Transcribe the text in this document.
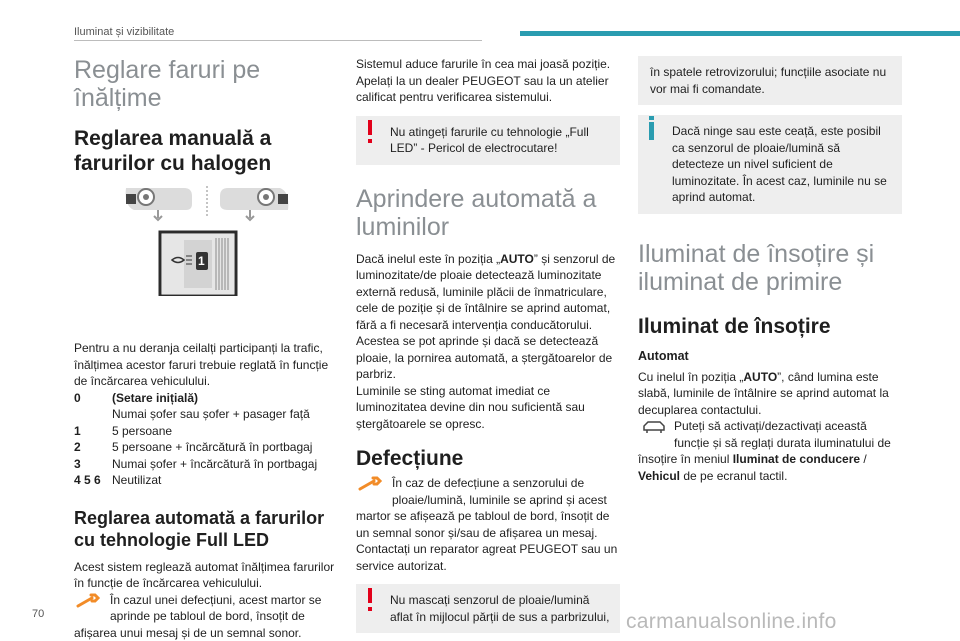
Iluminat și vizibilitate
Reglare faruri pe înălțime
Reglarea manuală a farurilor cu halogen
1

Pentru a nu deranja ceilalți participanți la trafic, înălțimea acestor faruri trebuie reglată în funcție de încărcarea vehiculului.

0	(Setare inițială)
Numai șofer sau șofer + pasager față
1	5 persoane
2	5 persoane + încărcătură în portbagaj
3	Numai șofer + încărcătură în portbagaj
4 5 6 Neutilizat
Reglarea automată a farurilor cu tehnologie Full LED

Acest sistem reglează automat înălțimea farurilor în funcție de încărcarea vehiculului.

În cazul unei defecțiuni, acest martor se aprinde pe tabloul de bord, însoțit de afișarea unui mesaj și de un semnal sonor.

Sistemul aduce farurile în cea mai joasă poziție. Apelați la un dealer PEUGEOT sau la un atelier calificat pentru verificarea sistemului.

Nu atingeți farurile cu tehnologie „Full LED” - Pericol de electrocutare!

Aprindere automată a luminilor

Dacă inelul este în poziția „AUTO” și senzorul de luminozitate/de ploaie detectează luminozitate externă redusă, luminile plăcii de înmatriculare, cele de poziție și de întâlnire se aprind automat, fără a fi necesară intervenția conducătorului. Acestea se pot aprinde și dacă se detectează ploaie, la pornirea automată, a ștergătoarelor de parbriz.

Luminile se sting automat imediat ce luminozitatea devine din nou suficientă sau ștergătoarele se opresc.

Defecțiune

În caz de defecțiune a senzorului de ploaie/lumină, luminile se aprind și acest martor se afișează pe tabloul de bord, însoțit de un semnal sonor și/sau de afișarea un mesaj. Contactați un reparator agreat PEUGEOT sau un service autorizat.

Nu mascați senzorul de ploaie/lumină aflat în mijlocul părții de sus a parbrizului,

în spatele retrovizorului; funcțiile asociate nu vor mai fi comandate.

Dacă ninge sau este ceață, este posibil ca senzorul de ploaie/lumină să detecteze un nivel suficient de luminozitate. În acest caz, luminile nu se aprind automat.

Iluminat de însoțire și iluminat de primire
Iluminat de însoțire
Automat

Cu inelul în poziția „AUTO”, când lumina este slabă, luminile de întâlnire se aprind automat la decuplarea contactului.

Puteți să activați/dezactivați această funcție și să reglați durata iluminatului de însoțire în meniul Iluminat de conducere / Vehicul de pe ecranul tactil.

70	carmanualsonline.info
